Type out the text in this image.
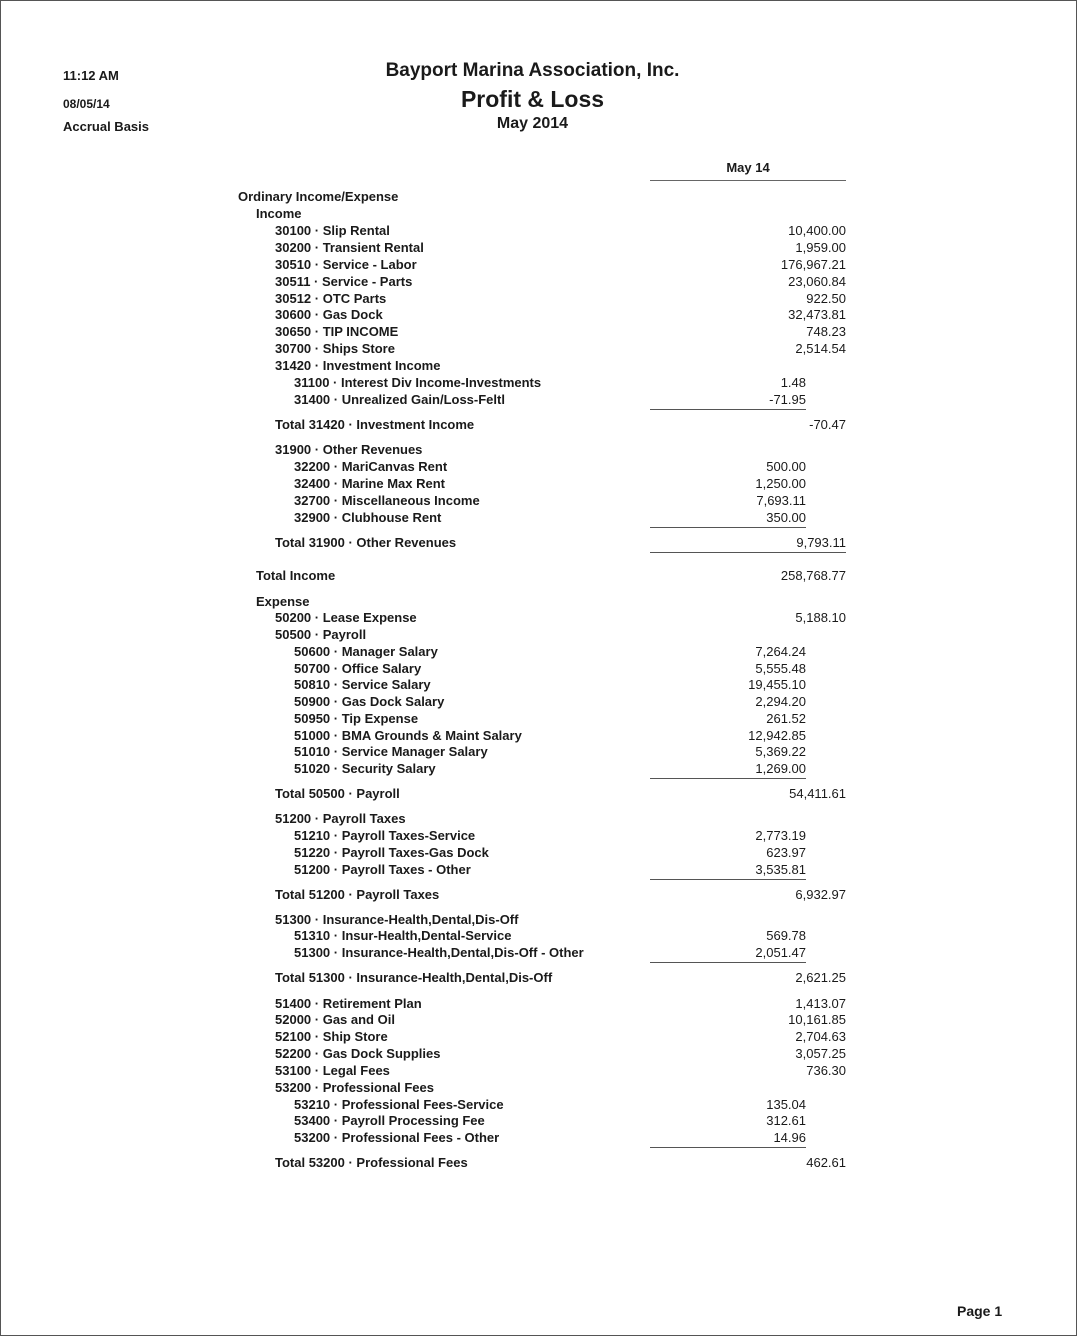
11:12 AM
08/05/14
Accrual Basis
Bayport Marina Association, Inc.
Profit & Loss
May 2014
May 14
Ordinary Income/Expense
Income
30100 · Slip Rental	10,400.00
30200 · Transient Rental	1,959.00
30510 · Service - Labor	176,967.21
30511 · Service - Parts	23,060.84
30512 · OTC Parts	922.50
30600 · Gas Dock	32,473.81
30650 · TIP INCOME	748.23
30700 · Ships Store	2,514.54
31420 · Investment Income
31100 · Interest Div Income-Investments	1.48
31400 · Unrealized Gain/Loss-Feltl	-71.95
Total 31420 · Investment Income	-70.47
31900 · Other Revenues
32200 · MariCanvas Rent	500.00
32400 · Marine Max Rent	1,250.00
32700 · Miscellaneous Income	7,693.11
32900 · Clubhouse Rent	350.00
Total 31900 · Other Revenues	9,793.11
Total Income	258,768.77
Expense
50200 · Lease Expense	5,188.10
50500 · Payroll
50600 · Manager Salary	7,264.24
50700 · Office Salary	5,555.48
50810 · Service Salary	19,455.10
50900 · Gas Dock Salary	2,294.20
50950 · Tip Expense	261.52
51000 · BMA Grounds & Maint Salary	12,942.85
51010 · Service Manager Salary	5,369.22
51020 · Security Salary	1,269.00
Total 50500 · Payroll	54,411.61
51200 · Payroll Taxes
51210 · Payroll Taxes-Service	2,773.19
51220 · Payroll Taxes-Gas Dock	623.97
51200 · Payroll Taxes - Other	3,535.81
Total 51200 · Payroll Taxes	6,932.97
51300 · Insurance-Health,Dental,Dis-Off
51310 · Insur-Health,Dental-Service	569.78
51300 · Insurance-Health,Dental,Dis-Off - Other	2,051.47
Total 51300 · Insurance-Health,Dental,Dis-Off	2,621.25
51400 · Retirement Plan	1,413.07
52000 · Gas and Oil	10,161.85
52100 · Ship Store	2,704.63
52200 · Gas Dock Supplies	3,057.25
53100 · Legal Fees	736.30
53200 · Professional Fees
53210 · Professional Fees-Service	135.04
53400 · Payroll Processing Fee	312.61
53200 · Professional Fees - Other	14.96
Total 53200 · Professional Fees	462.61
Page 1
